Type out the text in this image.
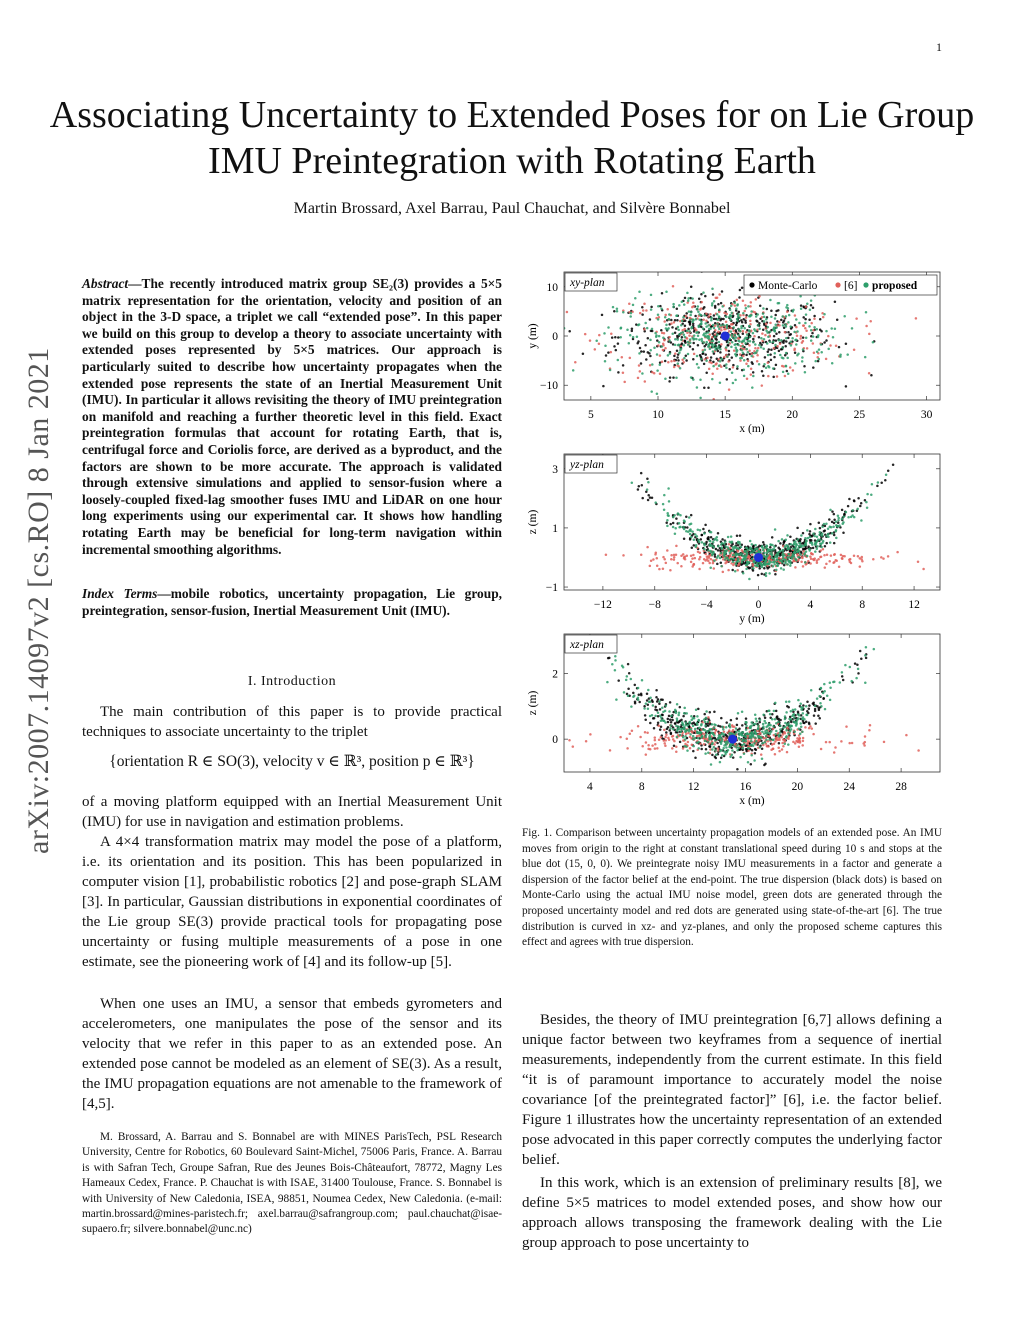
1
Associating Uncertainty to Extended Poses for on Lie Group IMU Preintegration with Rotating Earth
Martin Brossard, Axel Barrau, Paul Chauchat, and Silvère Bonnabel
arXiv:2007.14097v2 [cs.RO] 8 Jan 2021
Abstract—The recently introduced matrix group SE₂(3) provides a 5×5 matrix representation for the orientation, velocity and position of an object in the 3-D space, a triplet we call “extended pose”. In this paper we build on this group to develop a theory to associate uncertainty with extended poses represented by 5×5 matrices. Our approach is particularly suited to describe how uncertainty propagates when the extended pose represents the state of an Inertial Measurement Unit (IMU). In particular it allows revisiting the theory of IMU preintegration on manifold and reaching a further theoretic level in this field. Exact preintegration formulas that account for rotating Earth, that is, centrifugal force and Coriolis force, are derived as a byproduct, and the factors are shown to be more accurate. The approach is validated through extensive simulations and applied to sensor-fusion where a loosely-coupled fixed-lag smoother fuses IMU and LiDAR on one hour long experiments using our experimental car. It shows how handling rotating Earth may be beneficial for long-term navigation within incremental smoothing algorithms.
Index Terms—mobile robotics, uncertainty propagation, Lie group, preintegration, sensor-fusion, Inertial Measurement Unit (IMU).
I. Introduction

The main contribution of this paper is to provide practical techniques to associate uncertainty to the triplet

{orientation R ∈ SO(3), velocity v ∈ ℝ³, position p ∈ ℝ³}

of a moving platform equipped with an Inertial Measurement Unit (IMU) for use in navigation and estimation problems.

A 4×4 transformation matrix may model the pose of a platform, i.e. its orientation and its position. This has been popularized in computer vision [1], probabilistic robotics [2] and pose-graph SLAM [3]. In particular, Gaussian distributions in exponential coordinates of the Lie group SE(3) provide practical tools for propagating pose uncertainty or fusing multiple measurements of a pose in one estimate, see the pioneering work of [4] and its follow-up [5].

When one uses an IMU, a sensor that embeds gyrometers and accelerometers, one manipulates the pose of the sensor and its velocity that we refer in this paper to as an extended pose. An extended pose cannot be modeled as an element of SE(3). As a result, the IMU propagation equations are not amenable to the framework of [4,5].

M. Brossard, A. Barrau and S. Bonnabel are with MINES ParisTech, PSL Research University, Centre for Robotics, 60 Boulevard Saint-Michel, 75006 Paris, France. A. Barrau is with Safran Tech, Groupe Safran, Rue des Jeunes Bois-Châteaufort, 78772, Magny Les Hameaux Cedex, France. P. Chauchat is with ISAE, 31400 Toulouse, France. S. Bonnabel is with University of New Caledonia, ISEA, 98851, Noumea Cedex, New Caledonia. (e-mail: martin.brossard@mines-paristech.fr; axel.barrau@safrangroup.com; paul.chauchat@isae-supaero.fr; silvere.bonnabel@unc.nc)
5	10	15	20	25	30
10
0
−10
x (m)
y (m)
xy-plan	Monte-Carlo [6] proposed
−12	−8	−4	0	4	8	12
3
1
−1
y (m)
z (m)
yz-plan
4	8	12	16	20	24	28
2
0
x (m)
z (m)
xz-plan
Fig. 1. Comparison between uncertainty propagation models of an extended pose. An IMU moves from origin to the right at constant translational speed during 10 s and stops at the blue dot (15, 0, 0). We preintegrate noisy IMU measurements in a factor and generate a dispersion of the factor belief at the end-point. The true dispersion (black dots) is based on Monte-Carlo using the actual IMU noise model, green dots are generated through the proposed uncertainty model and red dots are generated using state-of-the-art [6]. The true distribution is curved in xz- and yz-planes, and only the proposed scheme captures this effect and agrees with true dispersion.

Besides, the theory of IMU preintegration [6,7] allows defining a unique factor between two keyframes from a sequence of inertial measurements, independently from the current estimate. In this field “it is of paramount importance to accurately model the noise covariance [of the preintegrated factor]” [6], i.e. the factor belief. Figure 1 illustrates how the uncertainty representation of an extended pose advocated in this paper correctly computes the underlying factor belief.

In this work, which is an extension of preliminary results [8], we define 5×5 matrices to model extended poses, and show how our approach allows transposing the framework dealing with the Lie group approach to pose uncertainty to
